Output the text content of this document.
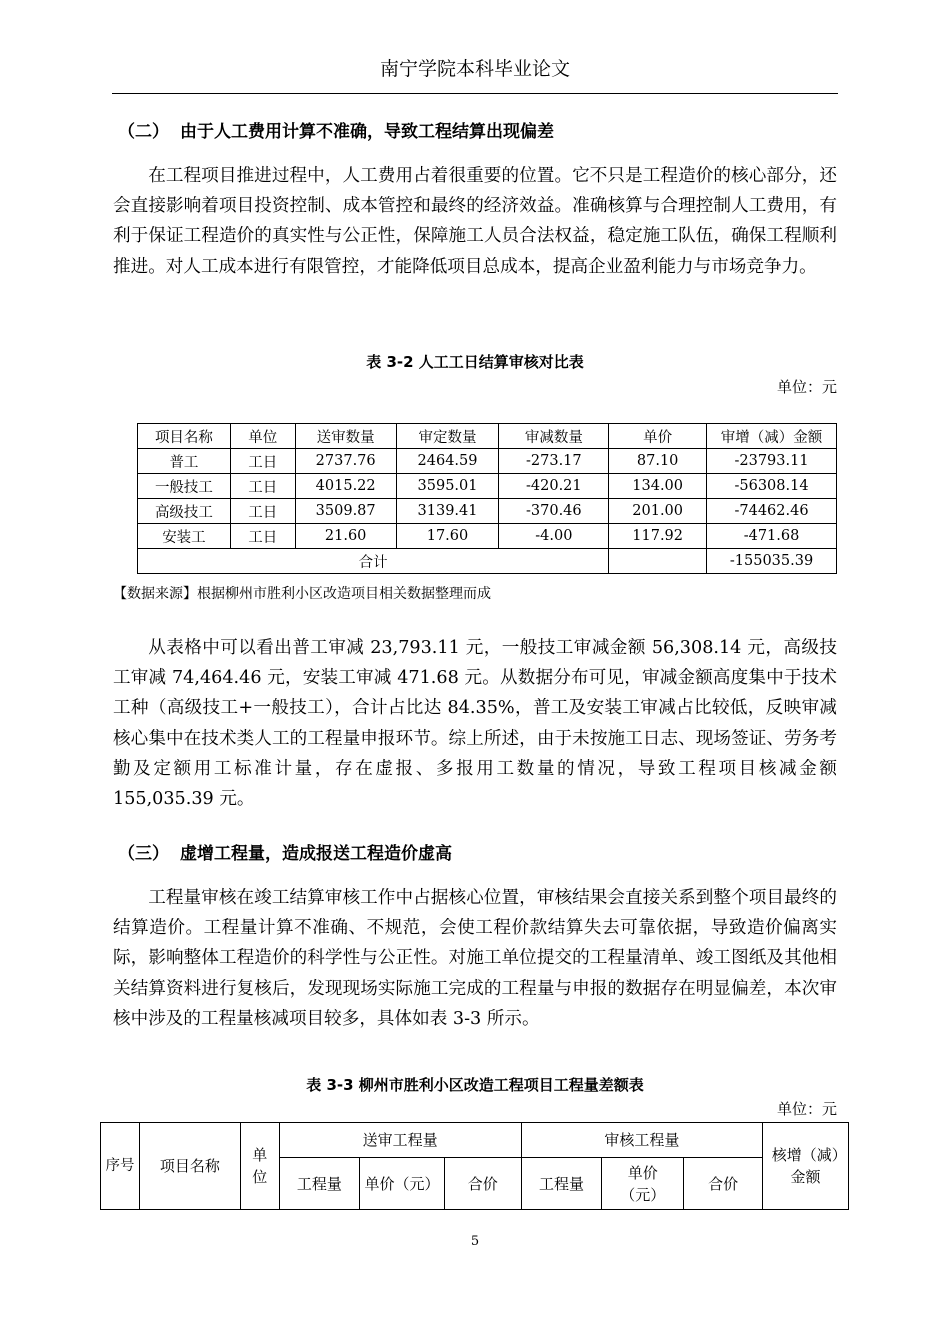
南宁学院本科毕业论文
（二） 由于人工费用计算不准确，导致工程结算出现偏差

在工程项目推进过程中，人工费用占着很重要的位置。它不只是工程造价的核心部分，还会直接影响着项目投资控制、成本管控和最终的经济效益。准确核算与合理控制人工费用，有利于保证工程造价的真实性与公正性，保障施工人员合法权益，稳定施工队伍，确保工程顺利推进。对人工成本进行有限管控，才能降低项目总成本，提高企业盈利能力与市场竞争力。

表 3-2 人工工日结算审核对比表
单位：元
项目名称	单位	送审数量	审定数量	审减数量	单价	审增（减）金额
普工	工日	2737.76	2464.59	-273.17	87.10	-23793.11
一般技工	工日	4015.22	3595.01	-420.21	134.00	-56308.14
高级技工	工日	3509.87	3139.41	-370.46	201.00	-74462.46
安装工	工日	21.60	17.60	-4.00	117.92	-471.68
合计						-155035.39
【数据来源】根据柳州市胜利小区改造项目相关数据整理而成

从表格中可以看出普工审减 23,793.11 元，一般技工审减金额 56,308.14 元，高级技工审减 74,464.46 元，安装工审减 471.68 元。从数据分布可见，审减金额高度集中于技术工种（高级技工+一般技工），合计占比达 84.35%，普工及安装工审减占比较低，反映审减核心集中在技术类人工的工程量申报环节。综上所述，由于未按施工日志、现场签证、劳务考勤及定额用工标准计量，存在虚报、多报用工数量的情况，导致工程项目核减金额 155,035.39 元。

（三） 虚增工程量，造成报送工程造价虚高

工程量审核在竣工结算审核工作中占据核心位置，审核结果会直接关系到整个项目最终的结算造价。工程量计算不准确、不规范，会使工程价款结算失去可靠依据，导致造价偏离实际，影响整体工程造价的科学性与公正性。对施工单位提交的工程量清单、竣工图纸及其他相关结算资料进行复核后，发现现场实际施工完成的工程量与申报的数据存在明显偏差，本次审核中涉及的工程量核减项目较多，具体如表 3-3 所示。

表 3-3 柳州市胜利小区改造工程项目工程量差额表
单位：元
序号	项目名称	单位	送审工程量			审核工程量			核增（减）金额
			工程量	单价（元）	合价	工程量	单价（元）	合价	
5
